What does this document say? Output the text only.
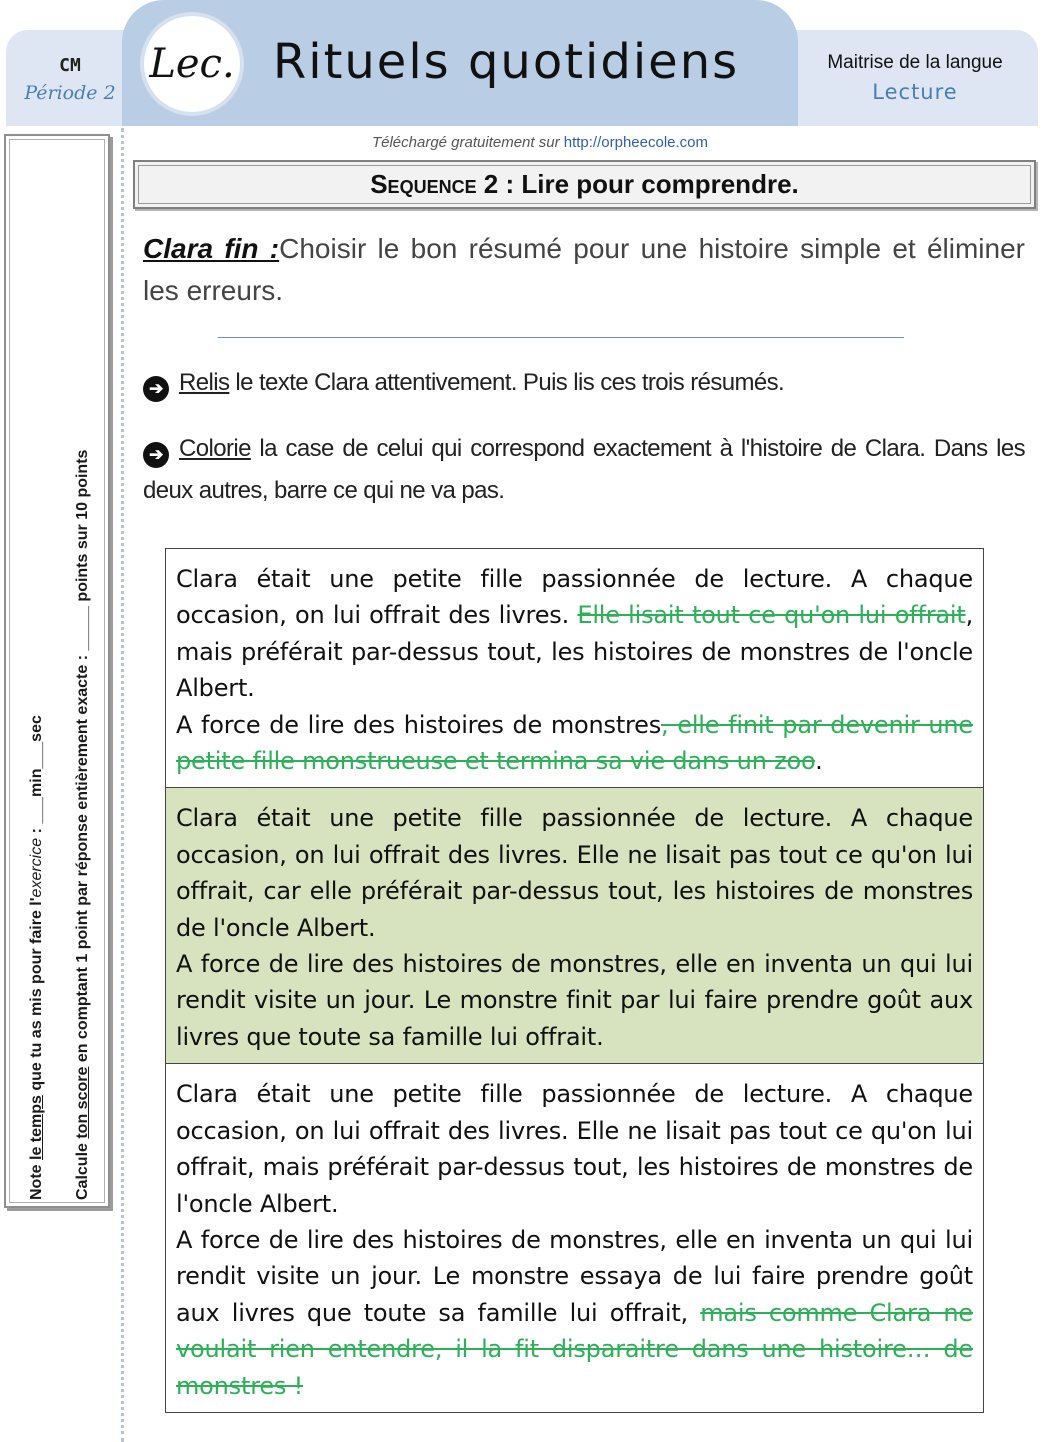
CM
Période 2
Lec. Rituels quotidiens	Maitrise de la langue
Lecture
Note le temps que tu as mis pour faire l'exercice : ___min___sec
Calcule ton score en comptant 1 point par réponse entièrement exacte : _____ points sur 10 points
Téléchargé gratuitement sur http://orpheecole.com
Sequence 2 : Lire pour comprendre.
Clara fin :Choisir le bon résumé pour une histoire simple et éliminer les erreurs.
➔ Relis le texte Clara attentivement. Puis lis ces trois résumés.
➔ Colorie la case de celui qui correspond exactement à l'histoire de Clara. Dans les deux autres, barre ce qui ne va pas.

Clara était une petite fille passionnée de lecture. A chaque occasion, on lui offrait des livres. Elle lisait tout ce qu'on lui offrait, mais préférait par-dessus tout, les histoires de monstres de l'oncle Albert.

A force de lire des histoires de monstres, elle finit par devenir une petite fille monstrueuse et termina sa vie dans un zoo.

Clara était une petite fille passionnée de lecture. A chaque occasion, on lui offrait des livres. Elle ne lisait pas tout ce qu'on lui offrait, car elle préférait par-dessus tout, les histoires de monstres de l'oncle Albert.

A force de lire des histoires de monstres, elle en inventa un qui lui rendit visite un jour. Le monstre finit par lui faire prendre goût aux livres que toute sa famille lui offrait.

Clara était une petite fille passionnée de lecture. A chaque occasion, on lui offrait des livres. Elle ne lisait pas tout ce qu'on lui offrait, mais préférait par-dessus tout, les histoires de monstres de l'oncle Albert.

A force de lire des histoires de monstres, elle en inventa un qui lui rendit visite un jour. Le monstre essaya de lui faire prendre goût aux livres que toute sa famille lui offrait, mais comme Clara ne voulait rien entendre, il la fit disparaitre dans une histoire… de monstres !
